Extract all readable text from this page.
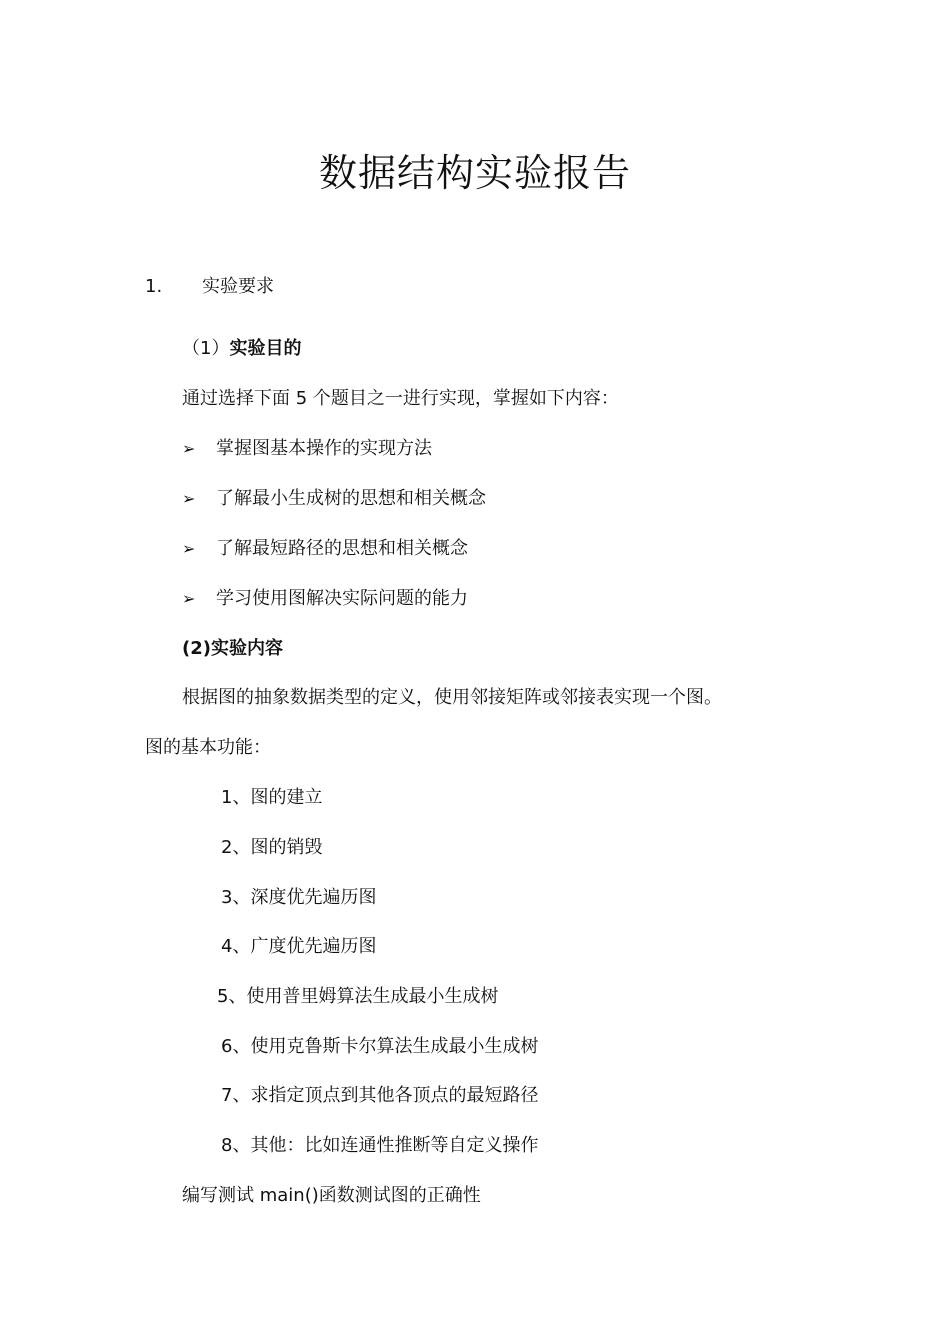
数据结构实验报告
1. 实验要求
（1）实验目的
通过选择下面 5 个题目之一进行实现，掌握如下内容：
➢ 掌握图基本操作的实现方法
➢ 了解最小生成树的思想和相关概念
➢ 了解最短路径的思想和相关概念
➢ 学习使用图解决实际问题的能力
(2)实验内容
根据图的抽象数据类型的定义，使用邻接矩阵或邻接表实现一个图。
图的基本功能：
1、图的建立
2、图的销毁
3、深度优先遍历图
4、广度优先遍历图
5、使用普里姆算法生成最小生成树
6、使用克鲁斯卡尔算法生成最小生成树
7、求指定顶点到其他各顶点的最短路径
8、其他：比如连通性推断等自定义操作
编写测试 main()函数测试图的正确性
